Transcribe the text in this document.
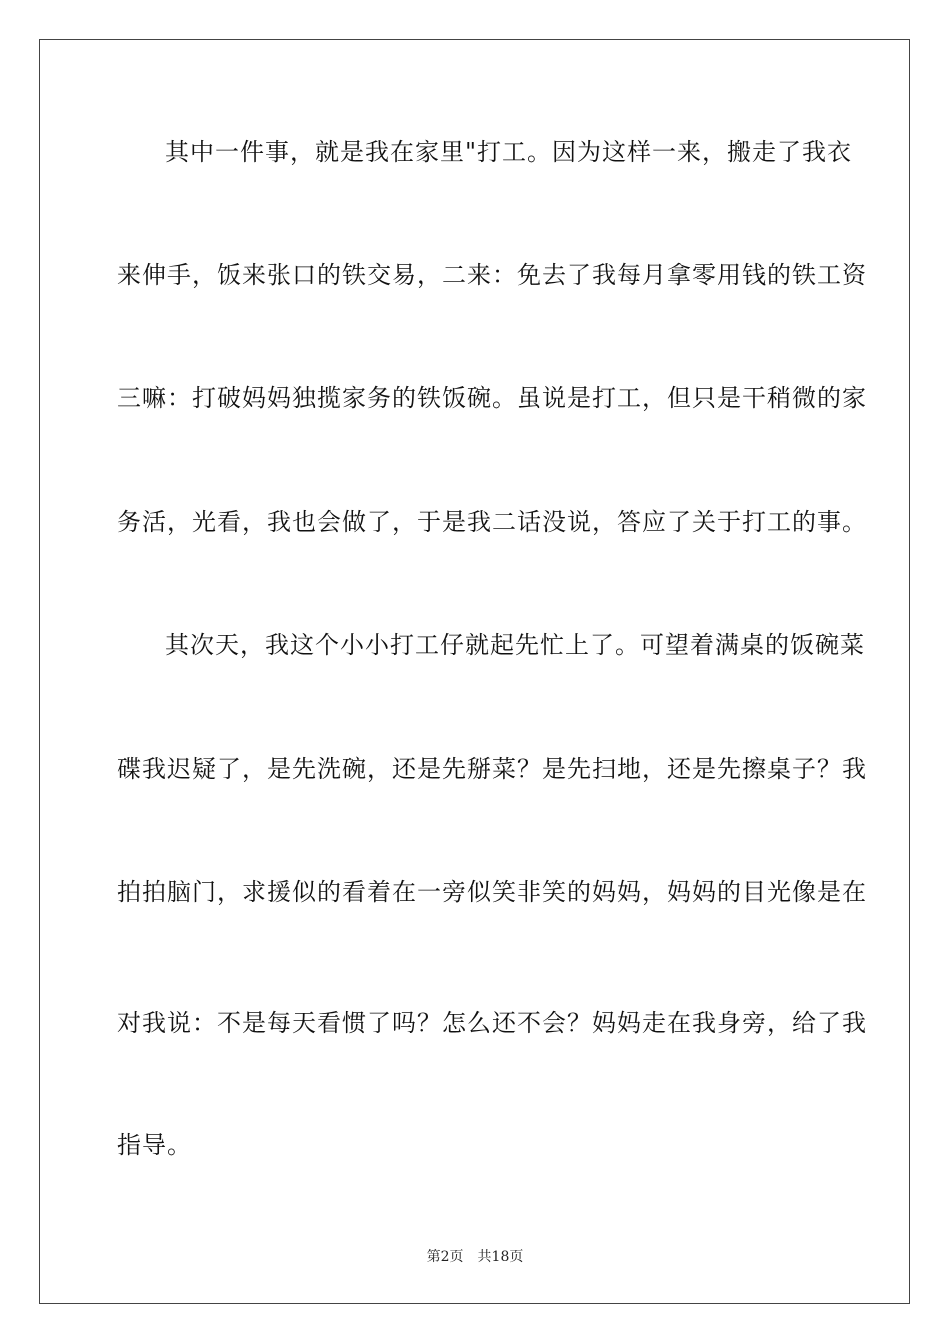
其中一件事，就是我在家里"打工。因为这样一来，搬走了我衣
来伸手，饭来张口的铁交易，二来：免去了我每月拿零用钱的铁工资
三嘛：打破妈妈独揽家务的铁饭碗。虽说是打工，但只是干稍微的家
务活，光看，我也会做了，于是我二话没说，答应了关于打工的事。
其次天，我这个小小打工仔就起先忙上了。可望着满桌的饭碗菜
碟我迟疑了，是先洗碗，还是先掰菜？是先扫地，还是先擦桌子？我
拍拍脑门，求援似的看着在一旁似笑非笑的妈妈，妈妈的目光像是在
对我说：不是每天看惯了吗？怎么还不会？妈妈走在我身旁，给了我
指导。
第2页 共18页
